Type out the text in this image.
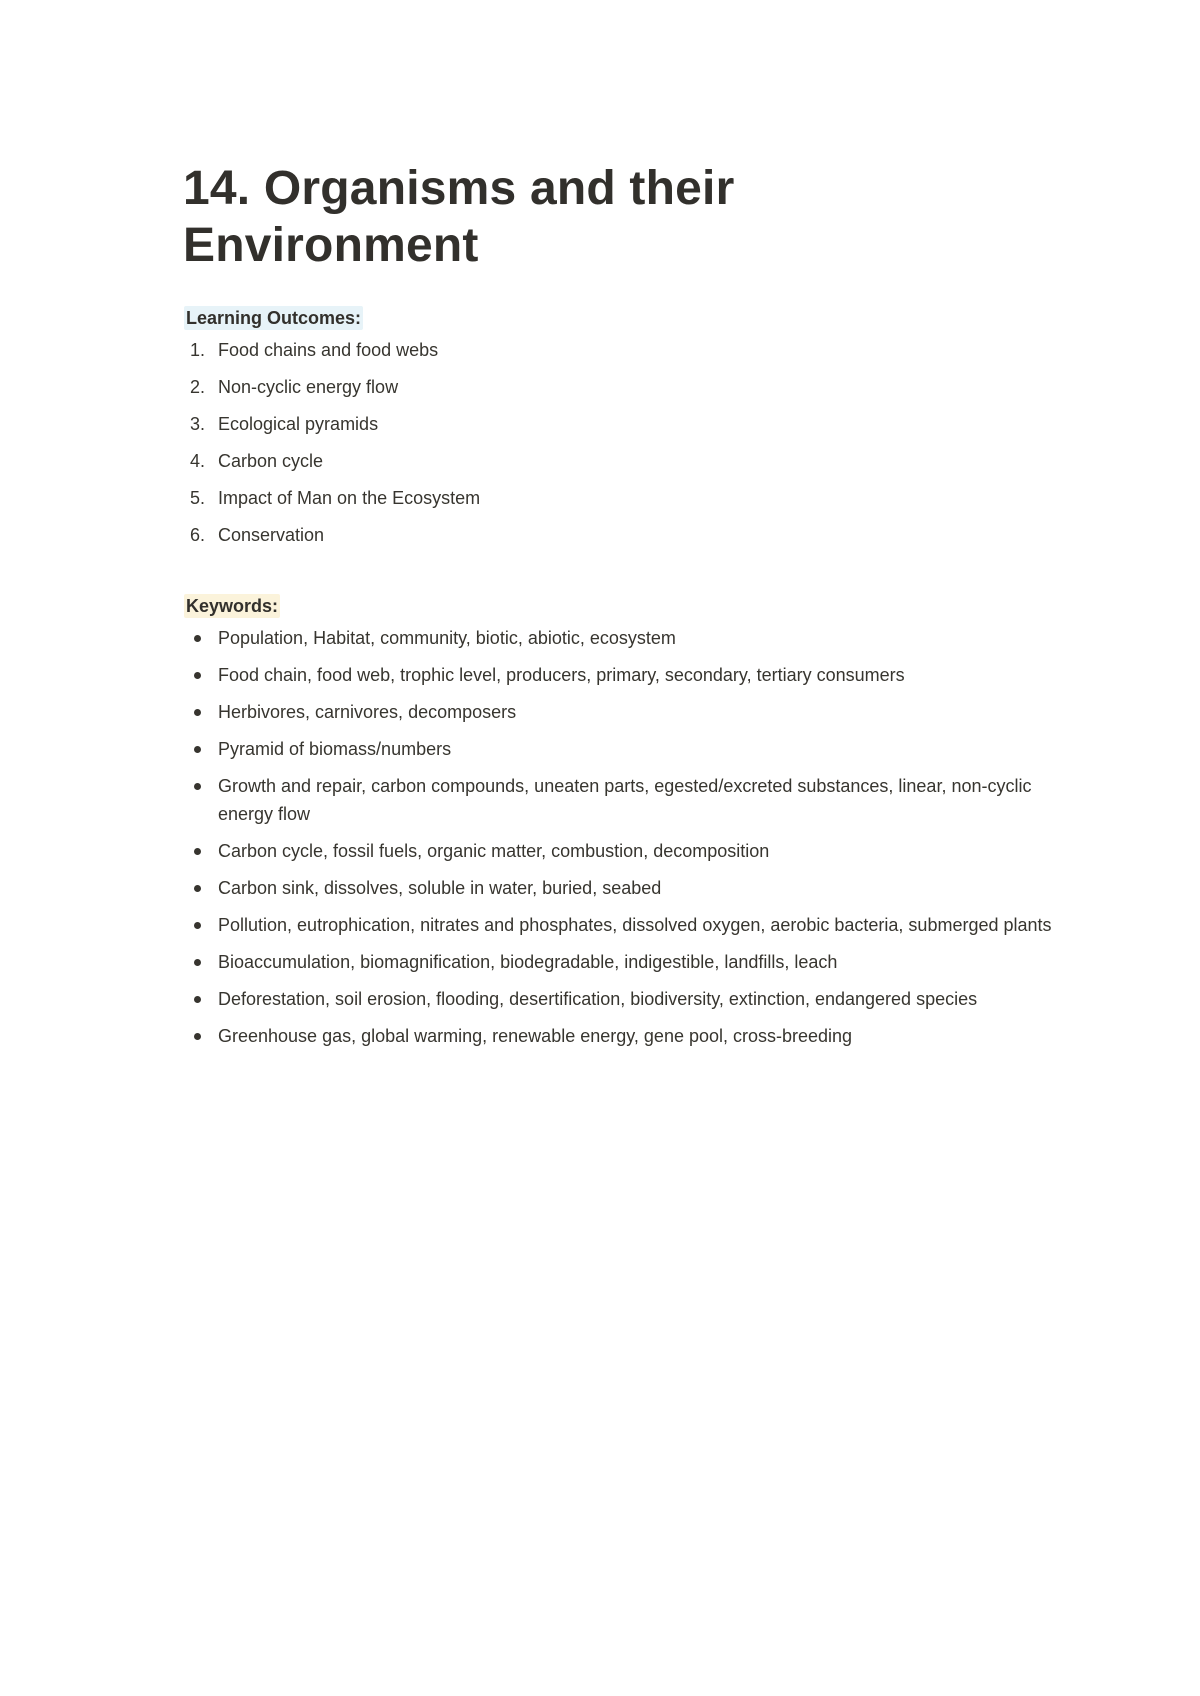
14. Organisms and their
Environment
Learning Outcomes:
1. Food chains and food webs
2. Non-cyclic energy flow
3. Ecological pyramids
4. Carbon cycle
5. Impact of Man on the Ecosystem
6. Conservation
Keywords:
Population, Habitat, community, biotic, abiotic, ecosystem
Food chain, food web, trophic level, producers, primary, secondary, tertiary consumers
Herbivores, carnivores, decomposers
Pyramid of biomass/numbers
Growth and repair, carbon compounds, uneaten parts, egested/excreted substances, linear, non-cyclic energy flow
Carbon cycle, fossil fuels, organic matter, combustion, decomposition
Carbon sink, dissolves, soluble in water, buried, seabed
Pollution, eutrophication, nitrates and phosphates, dissolved oxygen, aerobic bacteria, submerged plants
Bioaccumulation, biomagnification, biodegradable, indigestible, landfills, leach
Deforestation, soil erosion, flooding, desertification, biodiversity, extinction, endangered species
Greenhouse gas, global warming, renewable energy, gene pool, cross-breeding
